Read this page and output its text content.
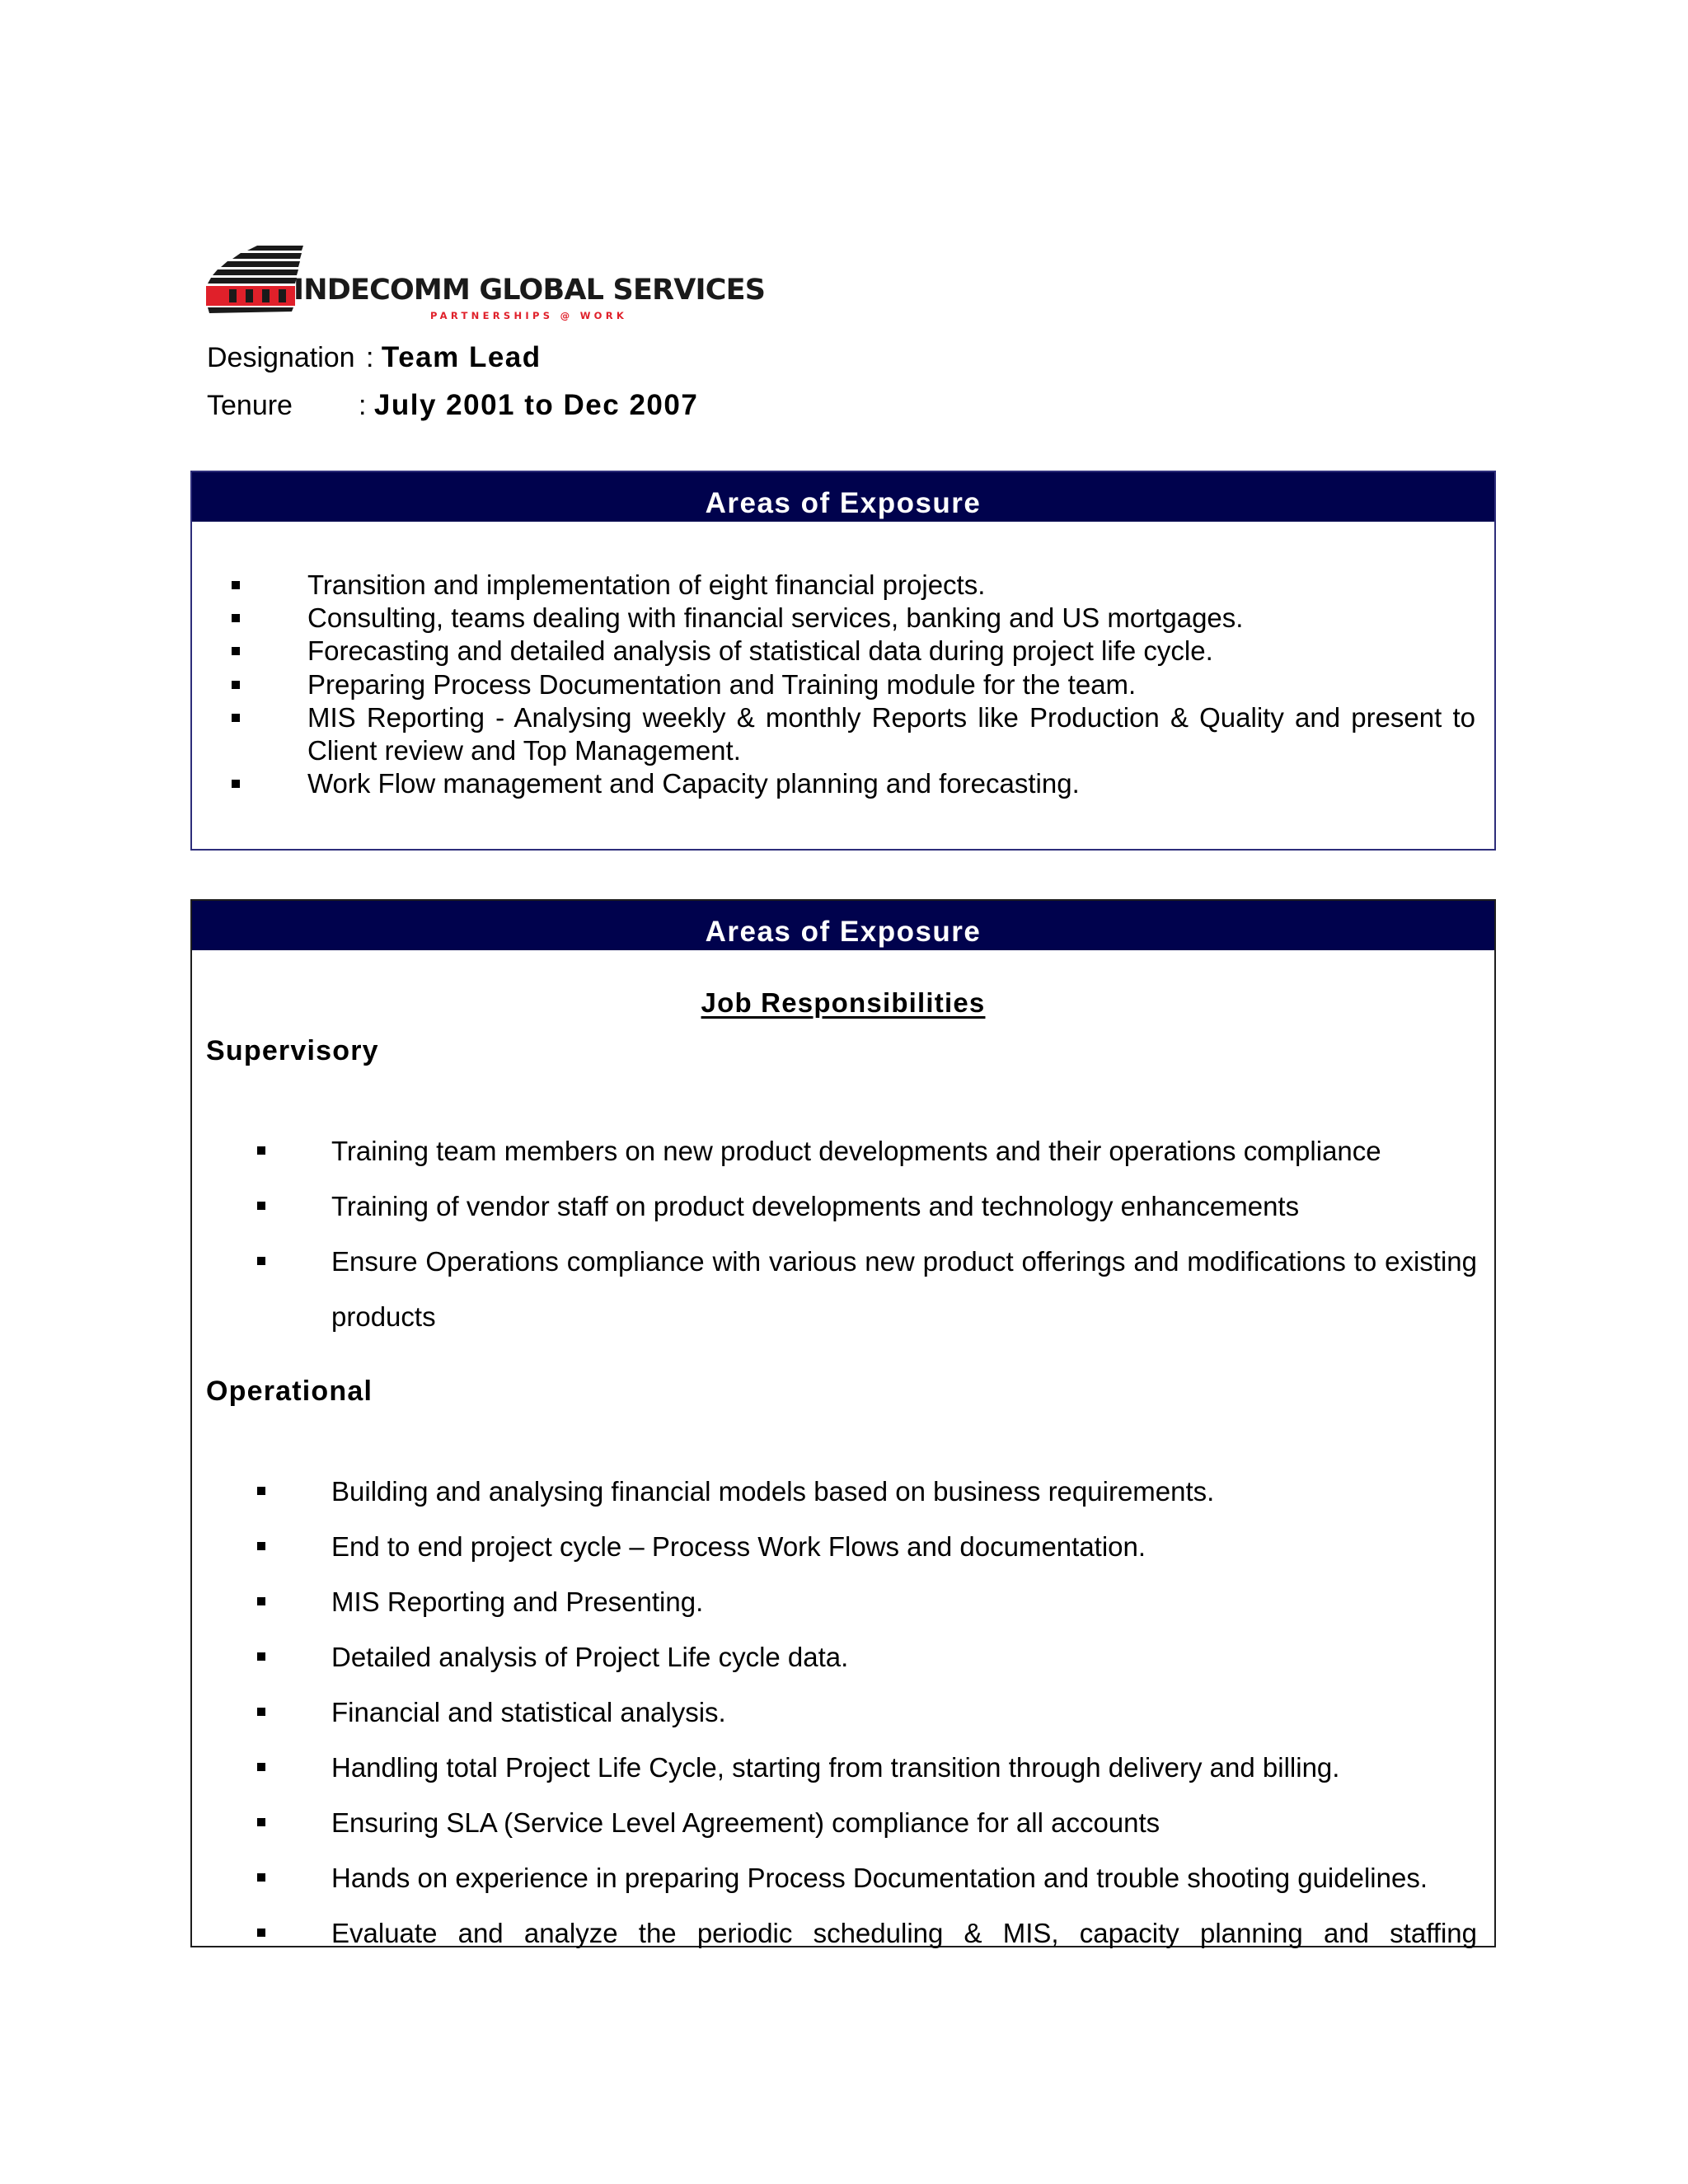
INDECOMM GLOBAL SERVICES
PARTNERSHIPS @ WORK
Designation : Team Lead
Tenure : July 2001 to Dec 2007
Areas of Exposure
Transition and implementation of eight financial projects.
Consulting, teams dealing with financial services, banking and US mortgages.
Forecasting and detailed analysis of statistical data during project life cycle.
Preparing Process Documentation and Training module for the team.
MIS Reporting - Analysing weekly & monthly Reports like Production & Quality and present to Client review and Top Management.
Work Flow management and Capacity planning and forecasting.
Areas of Exposure
Job Responsibilities
Supervisory
Training team members on new product developments and their operations compliance
Training of vendor staff on product developments and technology enhancements
Ensure Operations compliance with various new product offerings and modifications to existing products
Operational
Building and analysing financial models based on business requirements.
End to end project cycle – Process Work Flows and documentation.
MIS Reporting and Presenting.
Detailed analysis of Project Life cycle data.
Financial and statistical analysis.
Handling total Project Life Cycle, starting from transition through delivery and billing.
Ensuring SLA (Service Level Agreement) compliance for all accounts
Hands on experience in preparing Process Documentation and trouble shooting guidelines.
Evaluate and analyze the periodic scheduling & MIS, capacity planning and staffing
